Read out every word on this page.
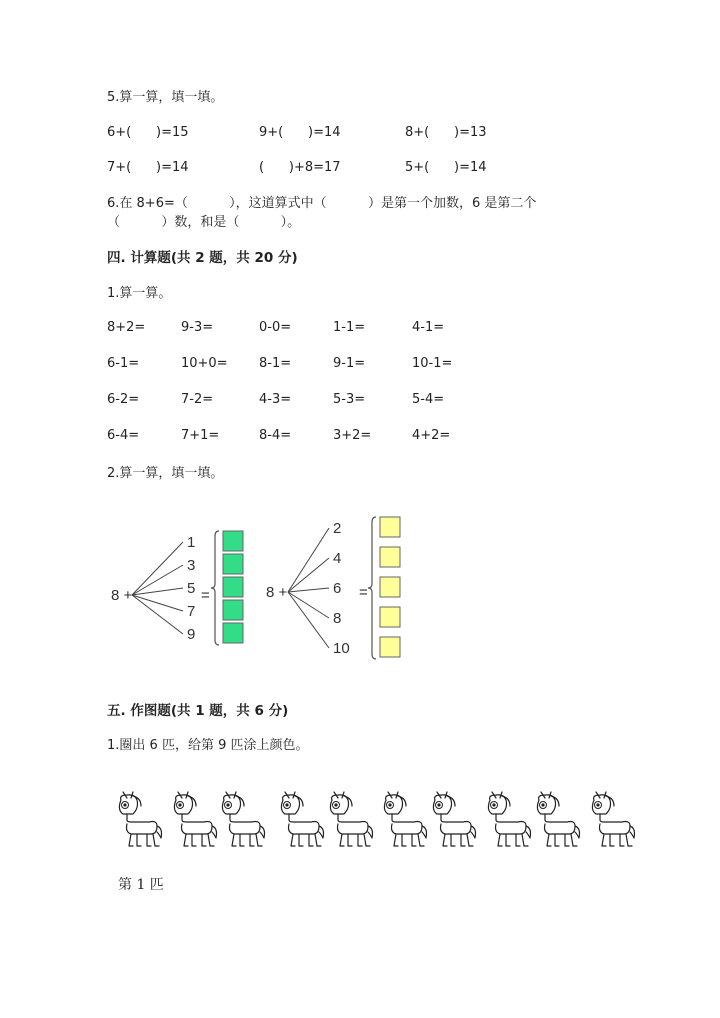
5.算一算，填一填。
6+(      )=15	9+(      )=14	8+(      )=13
7+(      )=14	(      )+8=17	5+(      )=14
6.在 8+6=（          ），这道算式中（          ）是第一个加数，6 是第二个
（          ）数，和是（          ）。
四. 计算题(共 2 题，共 20 分)
1.算一算。
8+2=	9-3=	0-0=	1-1=	4-1=
6-1=	10+0= 8-1=	9-1=	10-1=
6-2=	7-2=	4-3=	5-3=	5-4=
6-4=	7+1=	8-4=	3+2=	4+2=
2.算一算，填一填。
8 +
1
3
5
7
9
=	8 +
2
4
6
8
10
=
五. 作图题(共 1 题，共 6 分)
1.圈出 6 匹，给第 9 匹涂上颜色。
第 1 匹
